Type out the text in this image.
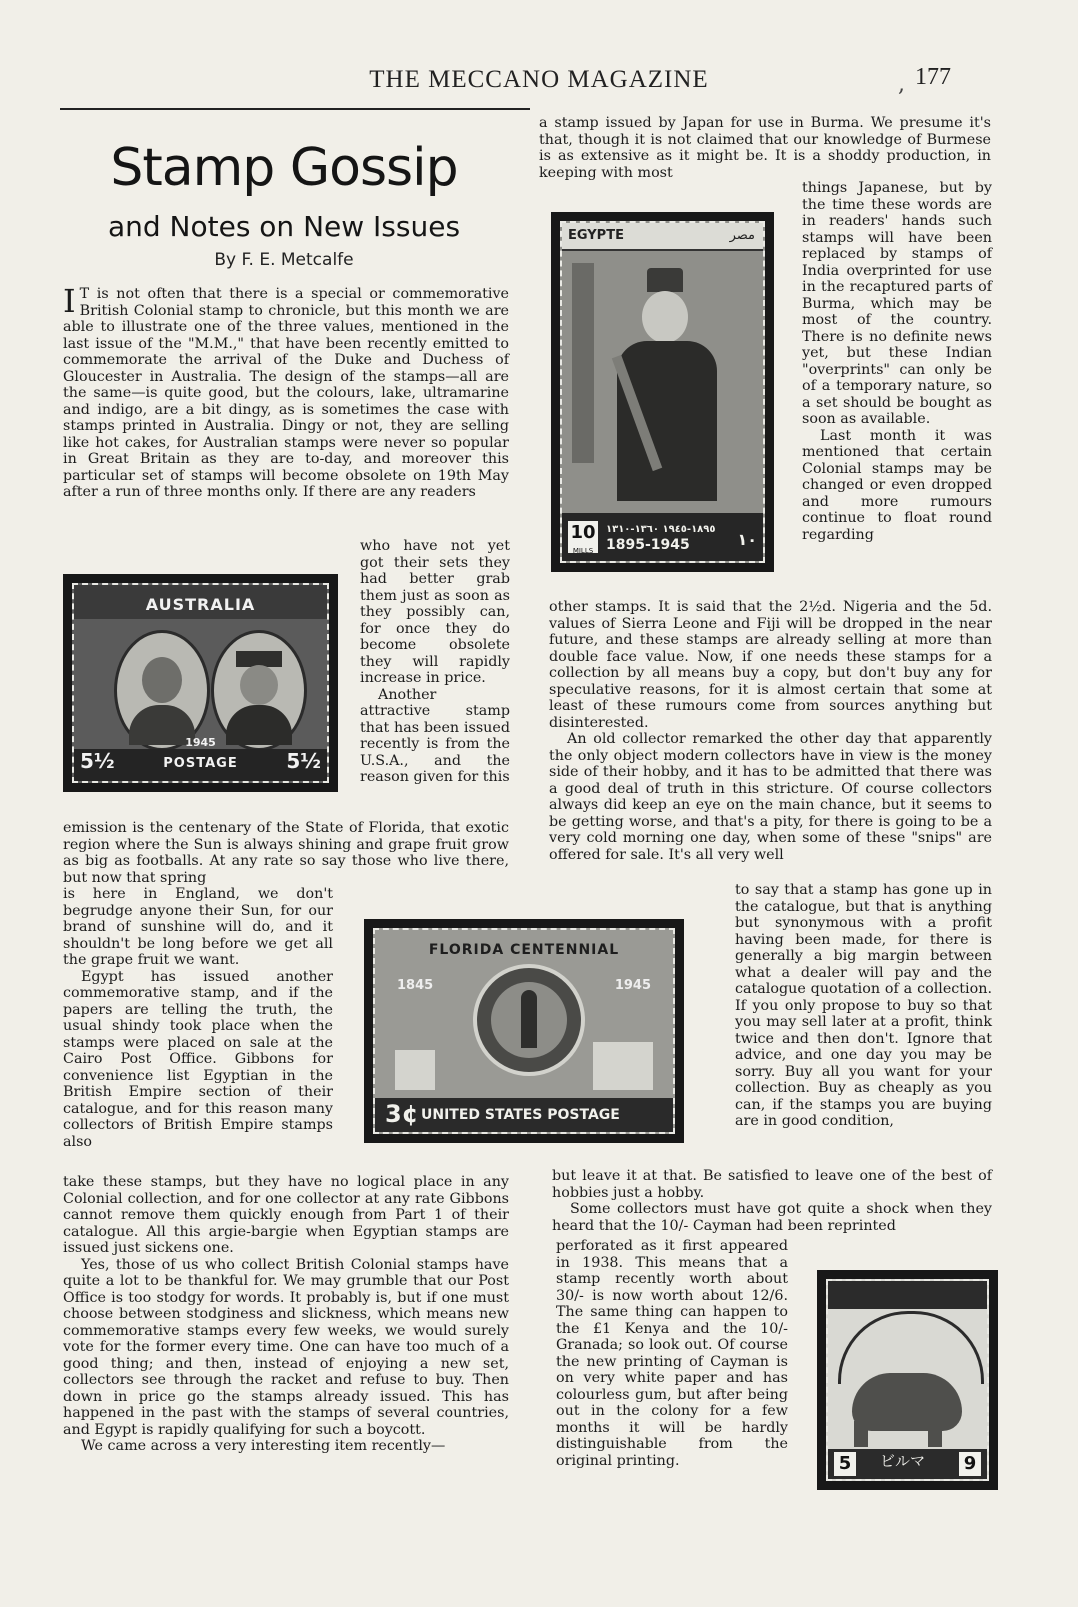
THE MECCANO MAGAZINE	, 177
Stamp Gossip
and Notes on New Issues
By F. E. Metcalfe
I T is not often that there is a special or commemorative British Colonial stamp to chronicle, but this month we are able to illustrate one of the three values, mentioned in the last issue of the "M.M.," that have been recently emitted to commemorate the arrival of the Duke and Duchess of Gloucester in Australia. The design of the stamps—all are the same—is quite good, but the colours, lake, ultramarine and indigo, are a bit dingy, as is sometimes the case with stamps printed in Australia. Dingy or not, they are selling like hot cakes, for Australian stamps were never so popular in Great Britain as they are to-day, and moreover this particular set of stamps will become obsolete on 19th May after a run of three months only. If there are any readers

who have not yet got their sets they had better grab them just as soon as they possibly can, for once they do become obsolete they will rapidly increase in price.

Another attractive stamp that has been issued recently is from the U.S.A., and the reason given for this

emission is the centenary of the State of Florida, that exotic region where the Sun is always shining and grape fruit grow as big as footballs. At any rate so say those who live there, but now that spring

is here in England, we don't begrudge anyone their Sun, for our brand of sunshine will do, and it shouldn't be long before we get all the grape fruit we want.

Egypt has issued another commemorative stamp, and if the papers are telling the truth, the usual shindy took place when the stamps were placed on sale at the Cairo Post Office. Gibbons for convenience list Egyptian in the British Empire section of their catalogue, and for this reason many collectors of British Empire stamps also

take these stamps, but they have no logical place in any Colonial collection, and for one collector at any rate Gibbons cannot remove them quickly enough from Part 1 of their catalogue. All this argie-bargie when Egyptian stamps are issued just sickens one.

Yes, those of us who collect British Colonial stamps have quite a lot to be thankful for. We may grumble that our Post Office is too stodgy for words. It probably is, but if one must choose between stodginess and slickness, which means new commemorative stamps every few weeks, we would surely vote for the former every time. One can have too much of a good thing; and then, instead of enjoying a new set, collectors see through the racket and refuse to buy. Then down in price go the stamps already issued. This has happened in the past with the stamps of several countries, and Egypt is rapidly qualifying for such a boycott.

We came across a very interesting item recently—

a stamp issued by Japan for use in Burma. We presume it's that, though it is not claimed that our knowledge of Burmese is as extensive as it might be. It is a shoddy production, in keeping with most

things Japanese, but by the time these words are in readers' hands such stamps will have been replaced by stamps of India overprinted for use in the recaptured parts of Burma, which may be most of the country. There is no definite news yet, but these Indian "overprints" can only be of a temporary nature, so a set should be bought as soon as available.

Last month it was mentioned that certain Colonial stamps may be changed or even dropped and more rumours continue to float round regarding

other stamps. It is said that the 2½d. Nigeria and the 5d. values of Sierra Leone and Fiji will be dropped in the near future, and these stamps are already selling at more than double face value. Now, if one needs these stamps for a collection by all means buy a copy, but don't buy any for speculative reasons, for it is almost certain that some at least of these rumours come from sources anything but disinterested.

An old collector remarked the other day that apparently the only object modern collectors have in view is the money side of their hobby, and it has to be admitted that there was a good deal of truth in this stricture. Of course collectors always did keep an eye on the main chance, but it seems to be getting worse, and that's a pity, for there is going to be a very cold morning one day, when some of these "snips" are offered for sale. It's all very well

to say that a stamp has gone up in the catalogue, but that is anything but synonymous with a profit having been made, for there is generally a big margin between what a dealer will pay and the catalogue quotation of a collection. If you only propose to buy so that you may sell later at a profit, think twice and then don't. Ignore that advice, and one day you may be sorry. Buy all you want for your collection. Buy as cheaply as you can, if the stamps you are buying are in good condition,

but leave it at that. Be satisfied to leave one of the best of hobbies just a hobby.

Some collectors must have got quite a shock when they heard that the 10/- Cayman had been reprinted

perforated as it first appeared in 1938. This means that a stamp recently worth about 30/- is now worth about 12/6. The same thing can happen to the £1 Kenya and the 10/- Granada; so look out. Of course the new printing of Cayman is on very white paper and has colourless gum, but after being out in the colony for a few months it will be hardly distinguishable from the original printing.

AUSTRALIA
5½	POSTAGE
1945
5½
EGYPTE	مصر
10
MILLS
١٨٩٥-١٩٤٥ ١٣٦٠-١٣١٠
1895-1945	١٠
FLORIDA CENTENNIAL
1845	1945
3¢ UNITED STATES POSTAGE
5	ビルマ 9
